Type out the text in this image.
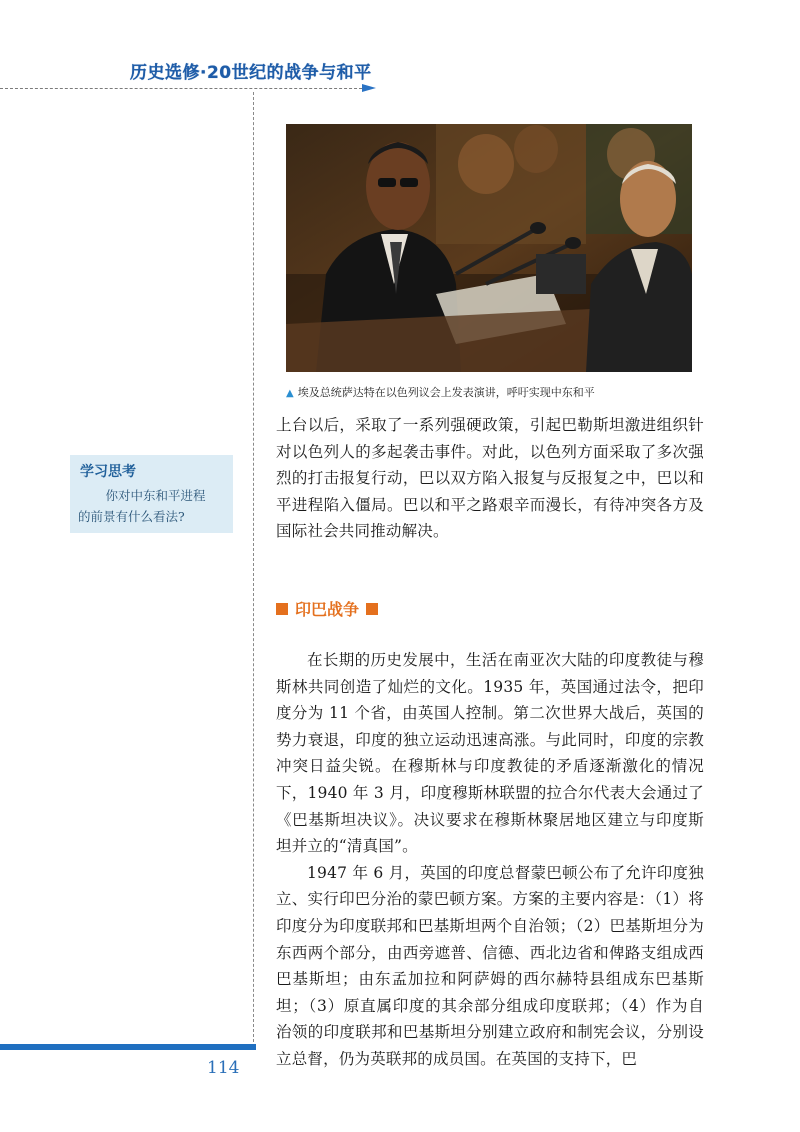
历史选修·20世纪的战争与和平
▲ 埃及总统萨达特在以色列议会上发表演讲，呼吁实现中东和平

上台以后，采取了一系列强硬政策，引起巴勒斯坦激进组织针对以色列人的多起袭击事件。对此，以色列方面采取了多次强烈的打击报复行动，巴以双方陷入报复与反报复之中，巴以和平进程陷入僵局。巴以和平之路艰辛而漫长，有待冲突各方及国际社会共同推动解决。

学习思考
你对中东和平进程
的前景有什么看法?
印巴战争

在长期的历史发展中，生活在南亚次大陆的印度教徒与穆斯林共同创造了灿烂的文化。1935 年，英国通过法令，把印度分为 11 个省，由英国人控制。第二次世界大战后，英国的势力衰退，印度的独立运动迅速高涨。与此同时，印度的宗教冲突日益尖锐。在穆斯林与印度教徒的矛盾逐渐激化的情况下，1940 年 3 月，印度穆斯林联盟的拉合尔代表大会通过了《巴基斯坦决议》。决议要求在穆斯林聚居地区建立与印度斯坦并立的“清真国”。

1947 年 6 月，英国的印度总督蒙巴顿公布了允许印度独立、实行印巴分治的蒙巴顿方案。方案的主要内容是：（1）将印度分为印度联邦和巴基斯坦两个自治领；（2）巴基斯坦分为东西两个部分，由西旁遮普、信德、西北边省和俾路支组成西巴基斯坦；由东孟加拉和阿萨姆的西尔赫特县组成东巴基斯坦；（3）原直属印度的其余部分组成印度联邦；（4）作为自治领的印度联邦和巴基斯坦分别建立政府和制宪会议，分别设立总督，仍为英联邦的成员国。在英国的支持下，巴

114
